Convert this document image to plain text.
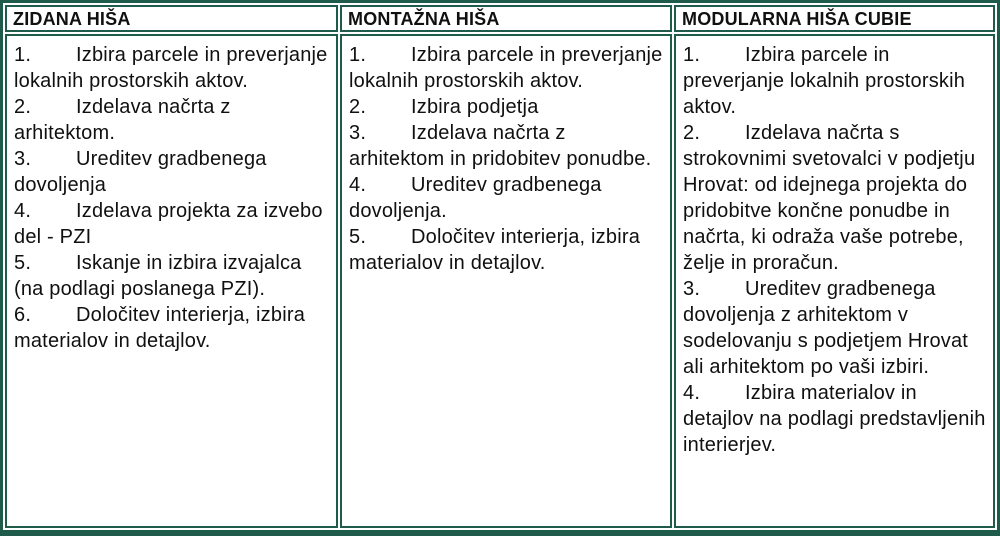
ZIDANA HIŠA

1. Izbira parcele in preverjanje lokalnih prostorskih aktov.

2. Izdelava načrta z arhitektom.

3. Ureditev gradbenega dovoljenja

4. Izdelava projekta za izvebo del - PZI

5. Iskanje in izbira izvajalca (na podlagi poslanega PZI).

6. Določitev interierja, izbira materialov in detajlov.

MONTAŽNA HIŠA

1. Izbira parcele in preverjanje lokalnih prostorskih aktov.

2. Izbira podjetja

3. Izdelava načrta z arhitektom in pridobitev ponudbe.

4. Ureditev gradbenega dovoljenja.

5. Določitev interierja, izbira materialov in detajlov.

MODULARNA HIŠA CUBIE

1. Izbira parcele in preverjanje lokalnih prostorskih aktov.

2. Izdelava načrta s strokovnimi svetovalci v podjetju Hrovat: od idejnega projekta do pridobitve končne ponudbe in načrta, ki odraža vaše potrebe, želje in proračun.

3. Ureditev gradbenega dovoljenja z arhitektom v sodelovanju s podjetjem Hrovat ali arhitektom po vaši izbiri.

4. Izbira materialov in detajlov na podlagi predstavljenih interierjev.
